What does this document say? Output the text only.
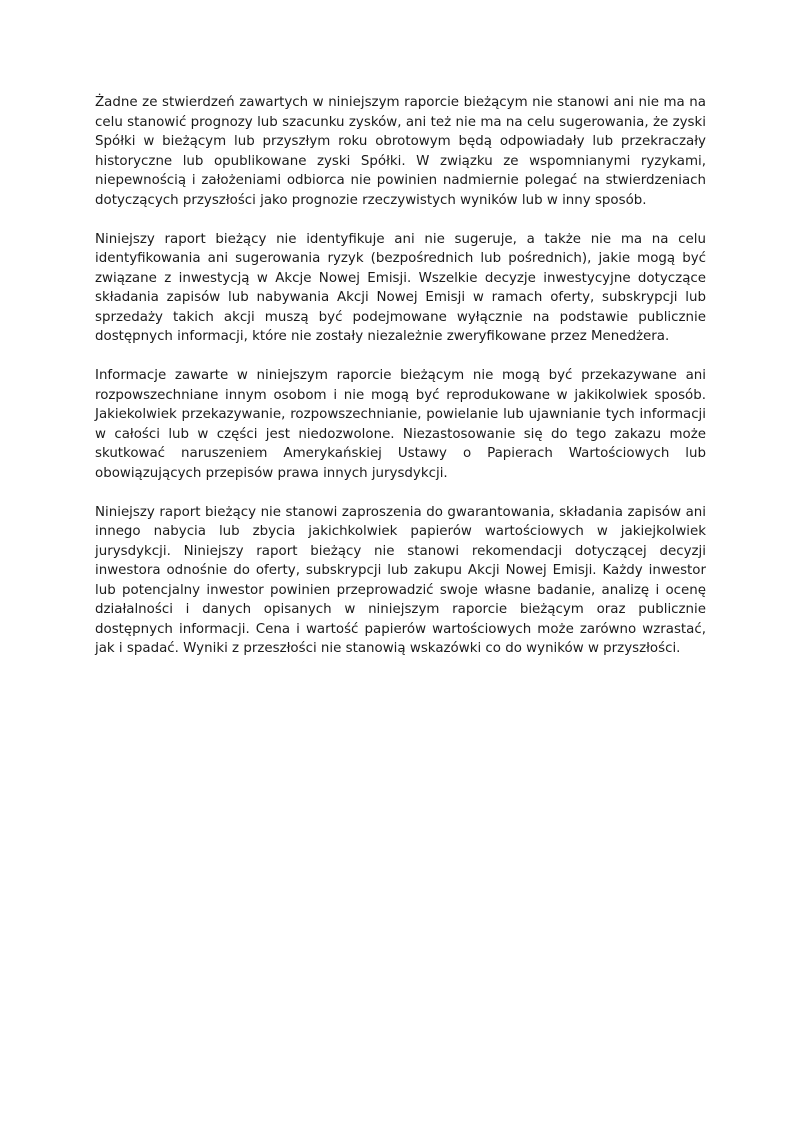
Żadne ze stwierdzeń zawartych w niniejszym raporcie bieżącym nie stanowi ani nie ma na celu stanowić prognozy lub szacunku zysków, ani też nie ma na celu sugerowania, że zyski Spółki w bieżącym lub przyszłym roku obrotowym będą odpowiadały lub przekraczały historyczne lub opublikowane zyski Spółki. W związku ze wspomnianymi ryzykami, niepewnością i założeniami odbiorca nie powinien nadmiernie polegać na stwierdzeniach dotyczących przyszłości jako prognozie rzeczywistych wyników lub w inny sposób.

Niniejszy raport bieżący nie identyfikuje ani nie sugeruje, a także nie ma na celu identyfikowania ani sugerowania ryzyk (bezpośrednich lub pośrednich), jakie mogą być związane z inwestycją w Akcje Nowej Emisji. Wszelkie decyzje inwestycyjne dotyczące składania zapisów lub nabywania Akcji Nowej Emisji w ramach oferty, subskrypcji lub sprzedaży takich akcji muszą być podejmowane wyłącznie na podstawie publicznie dostępnych informacji, które nie zostały niezależnie zweryfikowane przez Menedżera.

Informacje zawarte w niniejszym raporcie bieżącym nie mogą być przekazywane ani rozpowszechniane innym osobom i nie mogą być reprodukowane w jakikolwiek sposób. Jakiekolwiek przekazywanie, rozpowszechnianie, powielanie lub ujawnianie tych informacji w całości lub w części jest niedozwolone. Niezastosowanie się do tego zakazu może skutkować naruszeniem Amerykańskiej Ustawy o Papierach Wartościowych lub obowiązujących przepisów prawa innych jurysdykcji.

Niniejszy raport bieżący nie stanowi zaproszenia do gwarantowania, składania zapisów ani innego nabycia lub zbycia jakichkolwiek papierów wartościowych w jakiejkolwiek jurysdykcji. Niniejszy raport bieżący nie stanowi rekomendacji dotyczącej decyzji inwestora odnośnie do oferty, subskrypcji lub zakupu Akcji Nowej Emisji. Każdy inwestor lub potencjalny inwestor powinien przeprowadzić swoje własne badanie, analizę i ocenę działalności i danych opisanych w niniejszym raporcie bieżącym oraz publicznie dostępnych informacji. Cena i wartość papierów wartościowych może zarówno wzrastać, jak i spadać. Wyniki z przeszłości nie stanowią wskazówki co do wyników w przyszłości.
